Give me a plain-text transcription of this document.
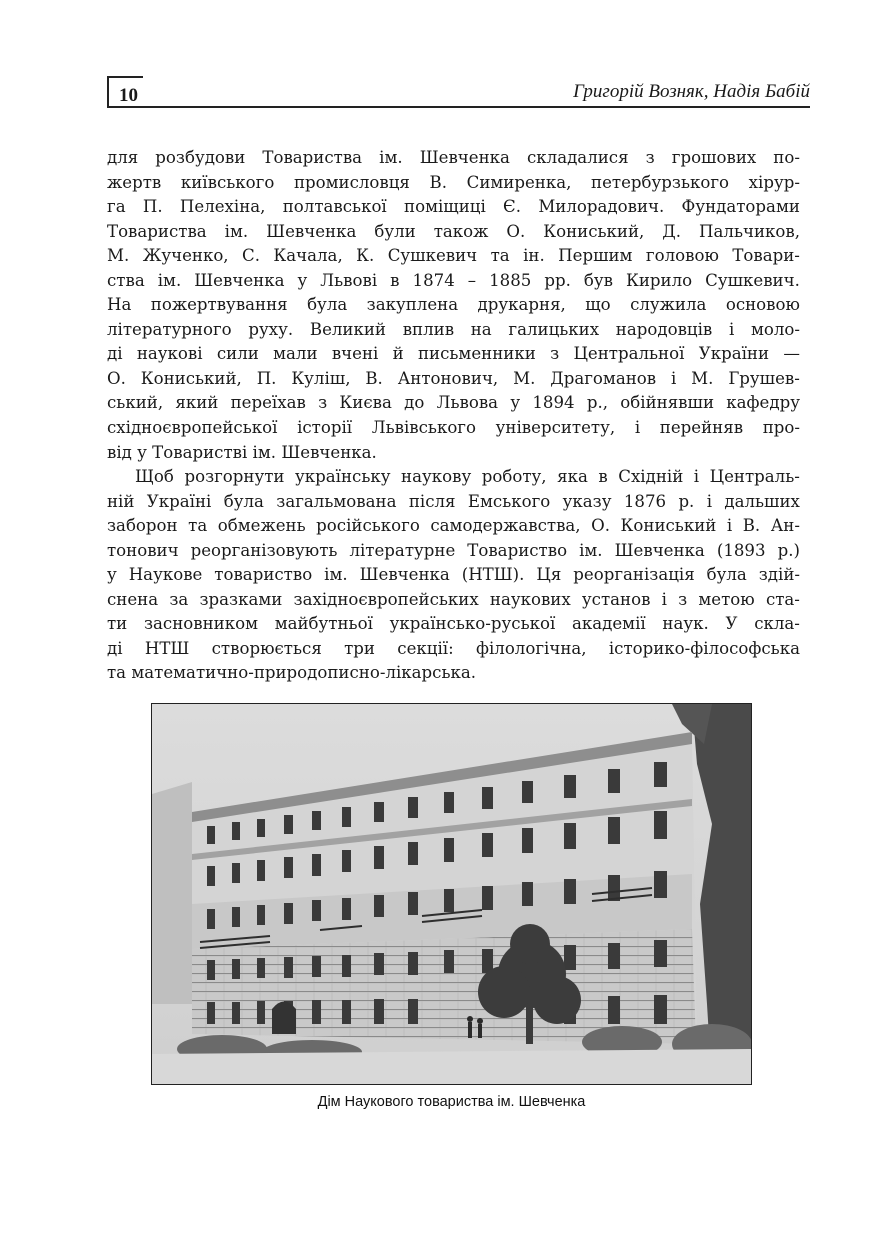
10	Григорій Возняк, Надія Бабій
для розбудови Товариства ім. Шевченка складалися з грошових по-
жертв київського промисловця В. Симиренка, петербурзького хірур-
га П. Пелехіна, полтавської поміщиці Є. Милорадович. Фундаторами
Товариства ім. Шевченка були також О. Кониський, Д. Пальчиков,
М. Жученко, С. Качала, К. Сушкевич та ін. Першим головою Товари-
ства ім. Шевченка у Львові в 1874 – 1885 рр. був Кирило Сушкевич.
На пожертвування була закуплена друкарня, що служила основою
літературного руху. Великий вплив на галицьких народовців і моло-
ді наукові сили мали вчені й письменники з Центральної України —
О. Кониський, П. Куліш, В. Антонович, М. Драгоманов і М. Грушев-
ський, який переїхав з Києва до Львова у 1894 р., обійнявши кафедру
східноєвропейської історії Львівського університету, і перейняв про-
від у Товаристві ім. Шевченка.
Щоб розгорнути українську наукову роботу, яка в Східній і Централь-
ній Україні була загальмована після Емського указу 1876 р. і дальших
заборон та обмежень російського самодержавства, О. Кониський і В. Ан-
тонович реорганізовують літературне Товариство ім. Шевченка (1893 р.)
у Наукове товариство ім. Шевченка (НТШ). Ця реорганізація була здій-
снена за зразками західноєвропейських наукових установ і з метою ста-
ти засновником майбутньої українсько-руської академії наук. У скла-
ді НТШ створюється три секції: філологічна, історико-філософська
та математично-природописно-лікарська.
Дім Наукового товариства ім. Шевченка
